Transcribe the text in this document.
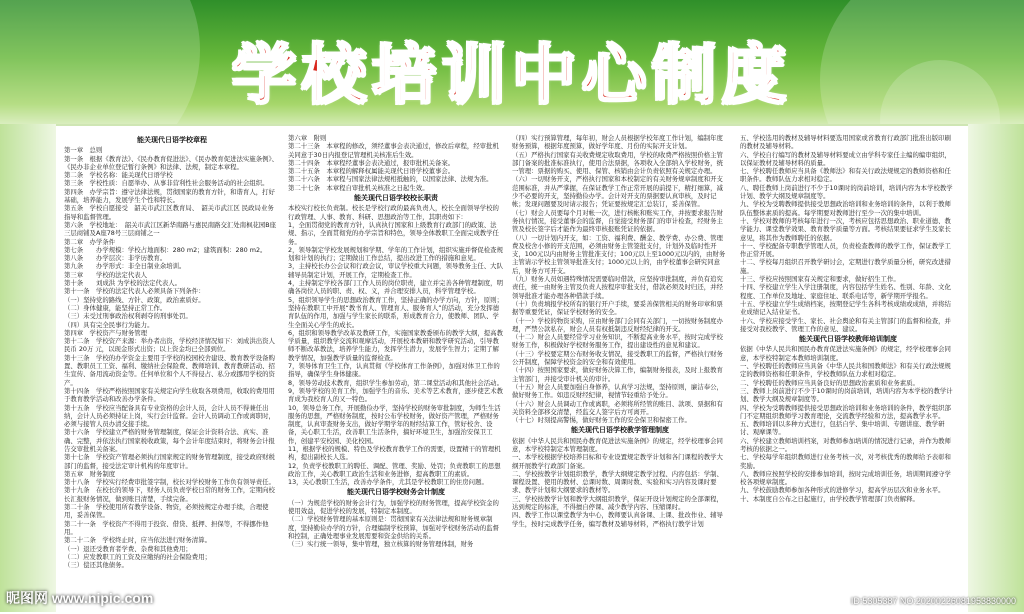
学校培训中心制度

能关现代日语学校章程

第一章　总则

第一条　根据《教育法》、《民办教育促进法》、《民办教育促进法实施条例》、《民办非企业单位登记暂行条例》和法律、法规，制定本章程。

第二条　学校名称：能关现代日语学校

第三条　学校性质：自愿举办、从事非营利性社会服务活动的社会组织。

第四条　办学宗旨：遵守法律法规，贯彻国家的教育方针，和谐育人，打好基础，培养能力，发展学生个性和特长。

第五条　学校自愿接受　韶关市武江区教育局、　韶关市武江区 民政局业务指导和监督管理。

第六条　学校地址：　韶关市武江区新华南路与惠民南路交汇处南枫花园B座三层商铺及A座78号三层商铺之一

第二章　办学条件

第七条　　办学规模：学校占地面积：280 m2；建筑面积：280 m2。

第八条　　办学层次：非学历教育。

第九条　　办学形式：非全日制业余培训。

第三章　　学校的法定代表人

第十条　　刘成洪 为学校的法定代表人。

第十一条　学校的法定代表人必须具备下列条件：

（一）坚持党的路线、方针、政策，政治素质好。

（二）身体健康，能坚持正常工作。

（三）未受过刑事政治权利剥夺的刑事处罚。

（四）具有完全民事行为能力。

第四章　学校资产与财务管理

第十二条　学校资产来源：举办者出资，学校经济情况如下：刘成洪出资人民币 20万 元，以现金形式出资；以上资金均已全部到位。

第十三条　学校的办学资金主要用于学校的校园校舍建设、教育教学设备购置、教职员工工资、福利、缴纳社会保险费、教师培训、教育教研活动、招生宣传、备用流动资金等。任何单位和个人不得侵占、私分或挪用学校的资产。

第十四条　学校严格按照国家有关规定向学生收取各项费用，收取的费用用于教育教学活动和改善办学条件。

第十五条　学校应当配备具有专业资格的会计人员，会计人员不得兼任出纳，会计人员必须持证上岗，实行会计监督。会计人员调动工作或离职时，必须与接管人员办清交接手续。

第十六条　学校建立严格的财务管理制度，保证会计资料合法、真实、准确、完整，并依法执行国家税收政策，每个会计年度结束时，将财务会计报告交审批机关备案。

第十七条　学校资产管理必须执行国家规定的财务管理制度，接受政府财税部门的监督，接受法定审计机构的年度审计。

第五章　财务制度

第十八条　学校实行经费审批签字制，校长对学校财务工作负有领导责任。

第十九条　在校长的领导下，财务人员负责学校日常的财务工作，定期向校长汇报财务情况，做到账目清楚，手续完备。

第二十条　学校使用所有教学设备、物资，必须按规定办理手续，合理使用，妥善保管。

第二十一条　学校资产不得用于投资、借贷、抵押、担保等，不得挪作他用。

第二十二条　学校终止时，应当依法进行财务清算。

（一）退还受教育者学费、杂费和其他费用；

（二）应发教职工的工资及应缴纳的社会保险费用；

（三）偿还其他债务。

第六章　附则

第二十三条　本章程的修改，须经董事会表决通过，修改后章程，经审批机关同意于30日内报登记管理机关核准后生效。

第二十四条　本章程经董事会表决通过，报审批机关备案。

第二十五条　本章程的解释权属能关现代日语学校董事会。

第二十六条　本章程与国家法律法规相抵触的，以国家法律、法规为准。

第二十七条　本章程自审批机关核准之日起生效。

能关现代日语学校校长职责

本校实行校长负责制。校长是学校行政的最高负责人，校长全面领导学校的行政管理、人事、教育、科研、思想政治等工作，其职责如下：

1，全面贯彻党的教育方针，认真执行国家和上级教育行政部门的政策、法规、指示，全面贯彻党的办学宗旨和特色，领导全体教职工全面完成教学任务。

2，领导制定学校发展规划和学期、学年的工作计划，组织实施并督促检查规划和计划的执行；定期做出工作总结，提出改进工作的措施和意见。

3，主持校长办公会议和行政会议，审议学校重大问题，领导教务主任、大队辅导员制定计划，开展工作，定期检查工作。

4，主持制定学校各部门工作人员的岗位职责，建立并完善各种管理制度，明确各岗位人员的职、责、权、义，并合理安排人员，科学管理学校。

5，组织领导学生的思想政治教育工作，坚持正确的办学方向，方针，原则；坚持在教职工中开展“教书育人、管理育人、服务育人”的活动，充分发挥德育队伍的作用，加强与学生家长的联系，形成教育合力，使教师、团队、学生全面关心学生的成长。

6，组织和领导教学改革及教研工作，实施国家教委颁布的教学大纲，提高教学质量，组织教学交流和观摩活动，开展校本教研和教学研究活动，引导教师不断改革教法，培养学生能力，发挥学生潜力，发展学生智力；定期了解教学情况，加强教学质量的监督检查。

7，领导体育卫生工作，认真贯彻《学校体育工作条例》，加强对体卫工作的指导，确保学生身体健康。

8，领导劳动技术教育，组织学生参加劳动，第二课堂活动和其他社会活动。

9，领导学校的美育工作，加强学生的音乐、美术等艺术教育，逐步使艺术教育成为我校育人的又一特色。

10，领导总务工作，开展勤俭办学，坚持学校的财务审批制度，为师生生活服务的思想，严格财务制度，按时公布学校财务，做好资产管理，严格财务制度，认真审查财务支出，做好学期学年的财经结算工作，管好校舍、设备，关心职工生活，改善职工生活条件，搞好环境卫生，加强治安保卫工作，创建平安校园、美化校园。

11，根据学校的规模、特色及学校教育教学工作的需要，设置精干的管理机构，提出副校长人选。

12，负责学校教职工的聘任、调配、管理、奖励、处罚；负责教职工的思想政治工作，关心教职工政治生活和业务进修，提高教职工的素质。

13，关心教职工生活，改善办学条件，尤其是学校教职工的住房问题。

能关现代日语学校财务会计制度

（一）为规范学校的财务会计行为，加强学校的财务管理，提高学校资金的使用效益，促进学校的发展，特制定本制度。

（二）学校财务管理的基本原则是：贯彻国家有关法律法规和财务规章制度，坚持勤俭办学的方针，合理编制学校预算，加强对学校财务活动的监督和控制，正确处理事业发展需要和资金供给的关系。

（三）实行统一领导，集中管理，独立核算的财务管理体制，财务

（四）实行预算管理，每年初，财会人员根据学校年度工作计划，编制年度财务预算，根据年度预算，做好学年度、月份的实际开支计划。

（五）严格执行国家有关收费规定收取费用，学校的收费严格按照价格主管部门备案的批准标准执行，使用合法票据，各项收入全部纳入学校财务，统一管理：票据的购买、使用、保管、核销由会计负责依照有关规定办理。

（六）一切财务开支，严格执行国家和本校制定的有关财务规章制度和开支范围标准，并从严掌握，在保证教学工作正常开展的前提下，精打细算，减少不必要的开支，坚持勤俭办学。会计对开支的票据要认真审核，及时记帐；发现问题要及时请示报告；凭证要按规定汇总装订，妥善保管。

（七）财会人员要每个月对帐一次，进行核帐和账实工作，并按要求报告财务执行情况，接受董事会的监督，自觉接受财务部门的审计检查，经财务主管及校长签字后才能作为最终审核报账凭证的依据。

（八）一切计划内开支，如：工资、福利费、酬金、教学费、办公费、管理费及校舍小修的开支范围，必须由财务主管签批支付，计划外及临时性开支，100元以内由财务主管批准支付；100元以上至1000元以内的，由财务主管请示学校主管领导批准支付；1000元以上的，由学校董事会研究同意后，财务方可开支。

（九）财务人员如遇特殊情况需要临时借款，应坚持审批制度，并负有追究责任，统一由财务主管及负责人按程序审批支付，借款必须及时归还，并经领导批准才能办理各种借款手续。

（十）负责填报学校所有的银行开户手续，要妥善保管相关的财务印章和票据等重要凭证，保证学校财务的安全。

（十一）学校的物资采购，应由财务部门会同有关部门，一切按财务制度办理，严禁公款私存，财会人员有权抵制违反财经纪律的开支。

（十二）财会人员要经常学习业务知识，不断提高业务水平，按时完成学校财务工作，积极做好学校财务服务工作，提出建设性的意见和建议。

（十三）学校要定期公布财务收支情况，接受教职工的监督，严格执行财务公开制度，保障学校资金的安全和有效使用。

（十四）按照国家要求，做好财务决算工作，编制财务报表，及时上报教育主管部门，并接受审计机关的审计。

（十五）财会人员要加强自身修养，认真学习法规，坚持原则，廉洁奉公，做好财务工作。如违反财经纪律，视情节轻重给予处分。

（十六）财会人员调动工作或离职，必须将所经管的账目、款项、票据和有关资料全部移交清楚，经监交人签字后方可离开。

（十七）时刻提高警惕，做好财务工作的安全保卫和保密工作。

能关现代日语学校教学管理制度

依据《中华人民共和国民办教育促进法实施条例》的规定，经学校理事会同意，本学校特制定本管理制度。

一、本学校根据学校培养目标和专业设置规定教学计划和各门课程的教学大纲开展教学行政部门备案。

二、学校按教学计划组织教学，教学大纲规定教学过程、内容包括：学制、课程设置、使用的教材、总课时数、周课时数、实验和实习内容及课时要求、教学计划和大纲要求的教材等。

三、学校按教学计划和教学大纲组织教学，保证开设计划规定的全部课程，达到规定的标准，不得擅自停课、减少教学内容、压缩课时。

四、教学工作以课堂教学为中心，教师要认真备课、上课、批改作业、辅导学生，按时完成教学任务，编写教材及辅导材料，严格执行教学计划

五、学校选用的教材及辅导材料要选用国家或省教育行政部门批准出版印刷的教材及辅导材料。

六、学校自行编写的教材及辅导材料要成立由学科专家任主编的编审组织，以保证教材及辅导材料的质量。

七、学校聘任教师应当具备《教师法》和有关行政法规规定的教师资格和任职条件。教师队伍力求相对稳定。

八、聘任教师上岗前进行不少于10课时的岗前培训，培训内容为本学校教学计划、教学大纲及规章制度等。

九、学校为受聘教师提供接受思想政治培训和业务培训的条件，以利于教师队伍整体素质的提高。每学期要对教师进行至少一次的集中培训。

十、学校对教师的考核每年进行一次，考核应包括思想政治、职业道德、教学能力、课堂教学效果、教育教学质量等方面。考核结果要征求学生及家长意见，将其作为教师聘任的依据。

十一、学校配备专职教学管理人员，负责检查教师的教学工作，保证教学工作正常开展。

十二、学校每月组织召开教学研讨会，定期进行教学质量分析，研究改进措施。

十三、学校应按照国家有关规定和要求，做好招生工作。

十四、学校建立学生入学注册制度，内容包括学生姓名、性别、年龄、文化程度、工作单位及地址、家庭住址、联系电话等，新学期开学报名。

十五、学校建立学生成绩档案，按期登记学生各科考核成绩或成绩，并将结业成绩记入结业证书。

十六、学校应接受学生、家长、社会舆论和有关主管部门的监督和检查，并接受对我校教学、管理工作的意见、建议。

能关现代日语学校教师培训制度

依据《中华人民共和国民办教育促进法实施条例》的规定，经学校理事会同意，本学校特制定本教师培训制度。

一、学校聘任的教师应当具备《中华人民共和国教师法》和有关行政法规规定的教师资格和任职条件，学校教师队伍力求相对稳定。

二、学校聘任的教师应当具备良好的思想政治素质和业务素质。

三、教师上岗前进行不少于10课时的岗前培训，培训内容为本学校的教学计划、教学大纲及规章制度等。

四、学校为受聘教师提供接受思想政治培训和业务培训的条件，教学组织部门不定期组织教师学习教育理论，交流教学经验和方法，提高教学水平。

五、教师培训以多种方式进行，包括自学、集中培训、专题讲座、教学研讨、观摩课等。

六、学校建立教师培训档案，对教师参加培训的情况进行记录，并作为教师考核的依据之一。

七、学校每学年组织教师进行业务考核一次，对考核优秀的教师给予表彰和奖励。

八、教师应按照学校的安排参加培训，按时完成培训任务，培训期间遵守学校各项规章制度。

九、学校鼓励教师参加各种形式的进修学习，提高学历层次和业务水平。

十、本制度自公布之日起施行，由学校教学管理部门负责解释。

昵图网 www.nipic.com	ID:5305387 NO:20200226081953830000
